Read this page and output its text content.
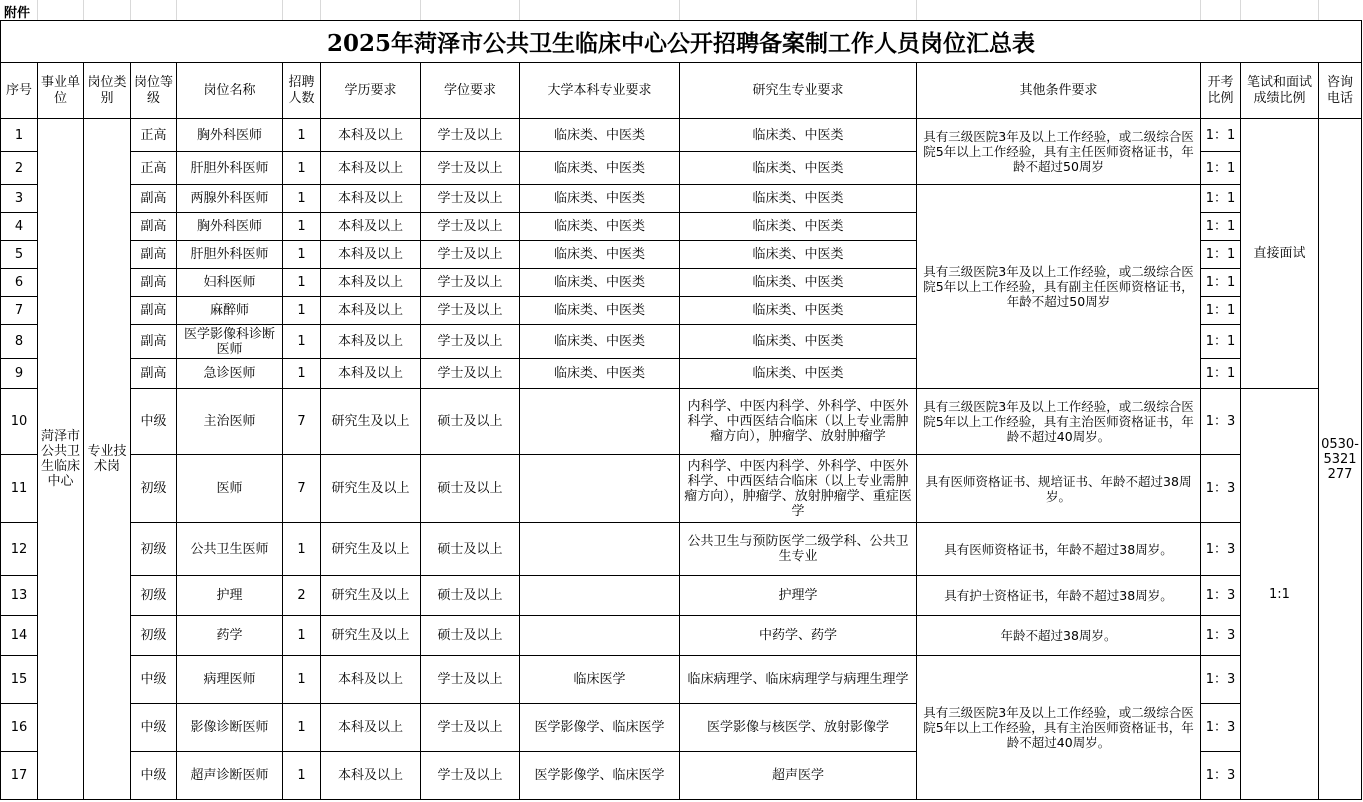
附件
2025年菏泽市公共卫生临床中心公开招聘备案制工作人员岗位汇总表
序号	事业单位	岗位类别	岗位等级	岗位名称	招聘人数	学历要求	学位要求	大学本科专业要求	研究生专业要求	其他条件要求	开考比例	笔试和面试成绩比例	咨询电话
1	菏泽市公共卫生临床中心	专业技术岗	正高	胸外科医师	1	本科及以上	学士及以上	临床类、中医类	临床类、中医类	具有三级医院3年及以上工作经验，或二级综合医院5年以上工作经验，具有主任医师资格证书，年龄不超过50周岁	1：1	直接面试	0530-5321277
2			正高	肝胆外科医师	1	本科及以上	学士及以上	临床类、中医类	临床类、中医类		1：1		
3			副高	两腺外科医师	1	本科及以上	学士及以上	临床类、中医类	临床类、中医类	具有三级医院3年及以上工作经验，或二级综合医院5年以上工作经验，具有副主任医师资格证书，年龄不超过50周岁	1：1		
4			副高	胸外科医师	1	本科及以上	学士及以上	临床类、中医类	临床类、中医类		1：1		
5			副高	肝胆外科医师	1	本科及以上	学士及以上	临床类、中医类	临床类、中医类		1：1		
6			副高	妇科医师	1	本科及以上	学士及以上	临床类、中医类	临床类、中医类		1：1		
7			副高	麻醉师	1	本科及以上	学士及以上	临床类、中医类	临床类、中医类		1：1		
8			副高	医学影像科诊断医师	1	本科及以上	学士及以上	临床类、中医类	临床类、中医类		1：1		
9			副高	急诊医师	1	本科及以上	学士及以上	临床类、中医类	临床类、中医类		1：1		
10			中级	主治医师	7	研究生及以上	硕士及以上		内科学、中医内科学、外科学、中医外科学、中西医结合临床（以上专业需肿瘤方向），肿瘤学、放射肿瘤学	具有三级医院3年及以上工作经验，或二级综合医院5年以上工作经验，具有主治医师资格证书，年龄不超过40周岁。	1：3	1:1	
11			初级	医师	7	研究生及以上	硕士及以上		内科学、中医内科学、外科学、中医外科学、中西医结合临床（以上专业需肿瘤方向），肿瘤学、放射肿瘤学、重症医学	具有医师资格证书、规培证书、年龄不超过38周岁。	1：3		
12			初级	公共卫生医师	1	研究生及以上	硕士及以上		公共卫生与预防医学二级学科、公共卫生专业	具有医师资格证书，年龄不超过38周岁。	1：3		
13			初级	护理	2	研究生及以上	硕士及以上		护理学	具有护士资格证书，年龄不超过38周岁。	1：3		
14			初级	药学	1	研究生及以上	硕士及以上		中药学、药学	年龄不超过38周岁。	1：3		
15			中级	病理医师	1	本科及以上	学士及以上	临床医学	临床病理学、临床病理学与病理生理学	具有三级医院3年及以上工作经验，或二级综合医院5年以上工作经验，具有主治医师资格证书，年龄不超过40周岁。	1：3		
16			中级	影像诊断医师	1	本科及以上	学士及以上	医学影像学、临床医学	医学影像与核医学、放射影像学		1：3		
17			中级	超声诊断医师	1	本科及以上	学士及以上	医学影像学、临床医学	超声医学		1：3		
